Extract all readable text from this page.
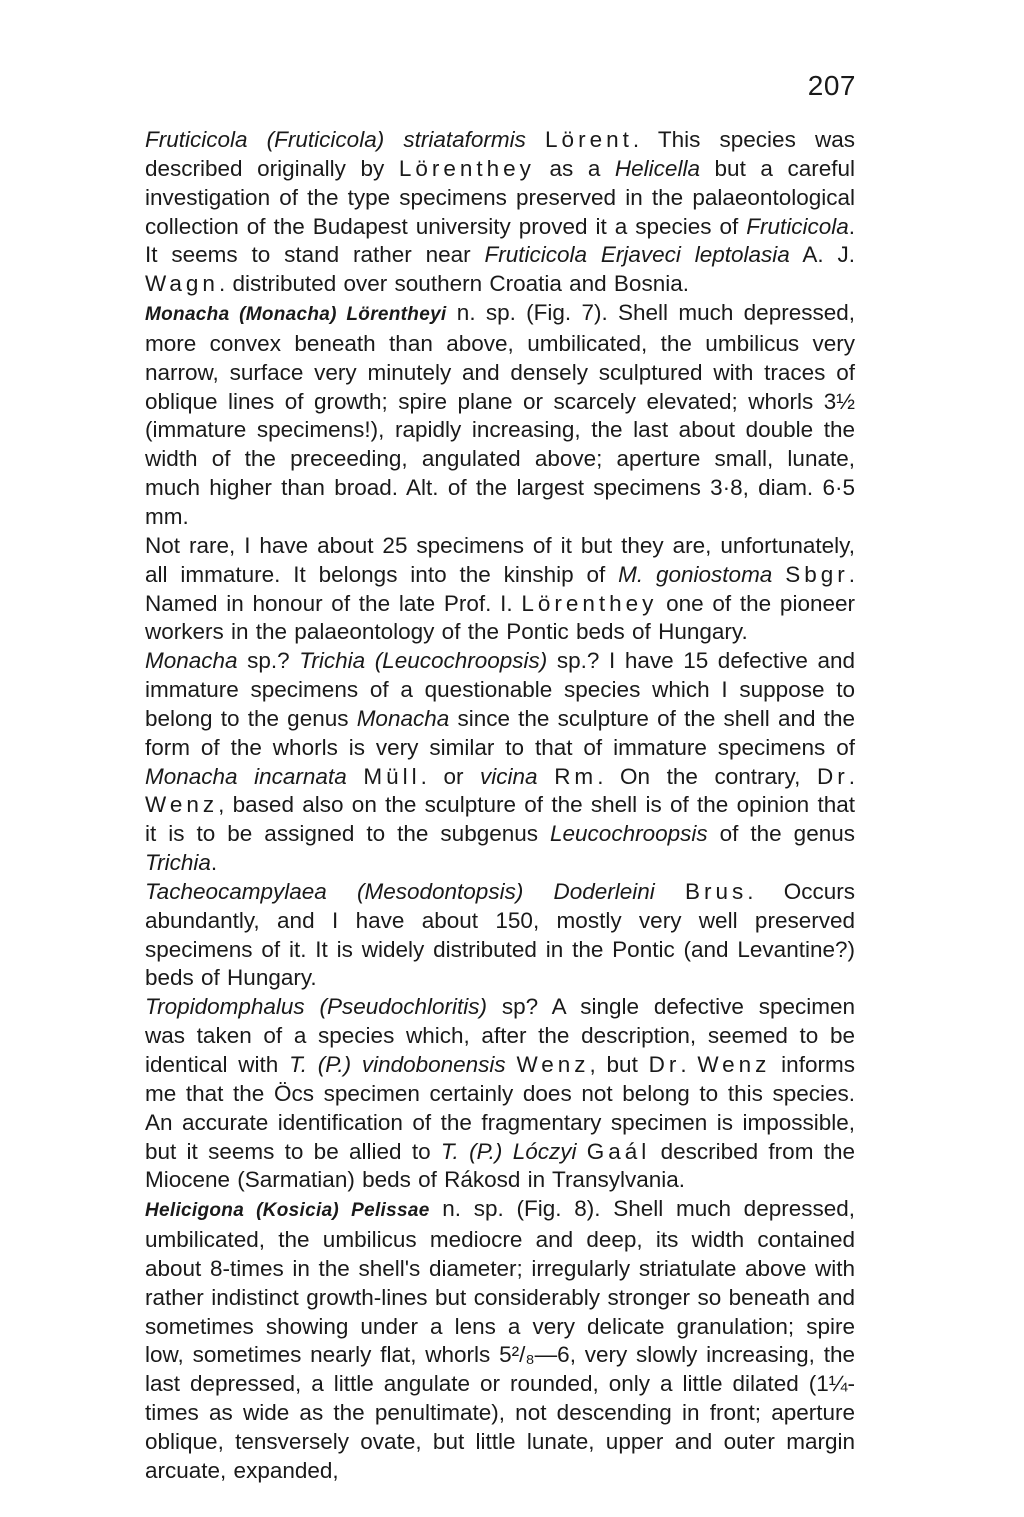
207

Fruticicola (Fruticicola) striataformis Lörent. This species was described originally by Lörenthey as a Helicella but a careful investigation of the type specimens preserved in the palaeontological collection of the Budapest university proved it a species of Fruticicola. It seems to stand rather near Fruticicola Erjaveci leptolasia A. J. Wagn. distributed over southern Croatia and Bosnia.

Monacha (Monacha) Lörentheyi n. sp. (Fig. 7). Shell much depressed, more convex beneath than above, umbilicated, the umbilicus very narrow, surface very minutely and densely sculptured with traces of oblique lines of growth; spire plane or scarcely elevated; whorls 3½ (immature specimens!), rapidly increasing, the last about double the width of the preceeding, angulated above; aperture small, lunate, much higher than broad. Alt. of the largest specimens 3·8, diam. 6·5 mm.

Not rare, I have about 25 specimens of it but they are, unfortunately, all immature. It belongs into the kinship of M. goniostoma Sbgr. Named in honour of the late Prof. I. Lörenthey one of the pioneer workers in the palaeontology of the Pontic beds of Hungary.

Monacha sp.? Trichia (Leucochroopsis) sp.? I have 15 defective and immature specimens of a questionable species which I suppose to belong to the genus Monacha since the sculpture of the shell and the form of the whorls is very similar to that of immature specimens of Monacha incarnata Müll. or vicina Rm. On the contrary, Dr. Wenz, based also on the sculpture of the shell is of the opinion that it is to be assigned to the subgenus Leucochroopsis of the genus Trichia.

Tacheocampylaea (Mesodontopsis) Doderleini Brus. Occurs abundantly, and I have about 150, mostly very well preserved specimens of it. It is widely distributed in the Pontic (and Levantine?) beds of Hungary.

Tropidomphalus (Pseudochloritis) sp? A single defective specimen was taken of a species which, after the description, seemed to be identical with T. (P.) vindobonensis Wenz, but Dr. Wenz informs me that the Öcs specimen certainly does not belong to this species. An accurate identification of the fragmentary specimen is impossible, but it seems to be allied to T. (P.) Lóczyi Gaál described from the Miocene (Sarmatian) beds of Rákosd in Transylvania.

Helicigona (Kosicia) Pelissae n. sp. (Fig. 8). Shell much depressed, umbilicated, the umbilicus mediocre and deep, its width contained about 8-times in the shell's diameter; irregularly striatulate above with rather indistinct growth-lines but considerably stronger so beneath and sometimes showing under a lens a very delicate granulation; spire low, sometimes nearly flat, whorls 5²/₈—6, very slowly increasing, the last depressed, a little angulate or rounded, only a little dilated (1¼-times as wide as the penultimate), not descending in front; aperture oblique, tensversely ovate, but little lunate, upper and outer margin arcuate, expanded,
